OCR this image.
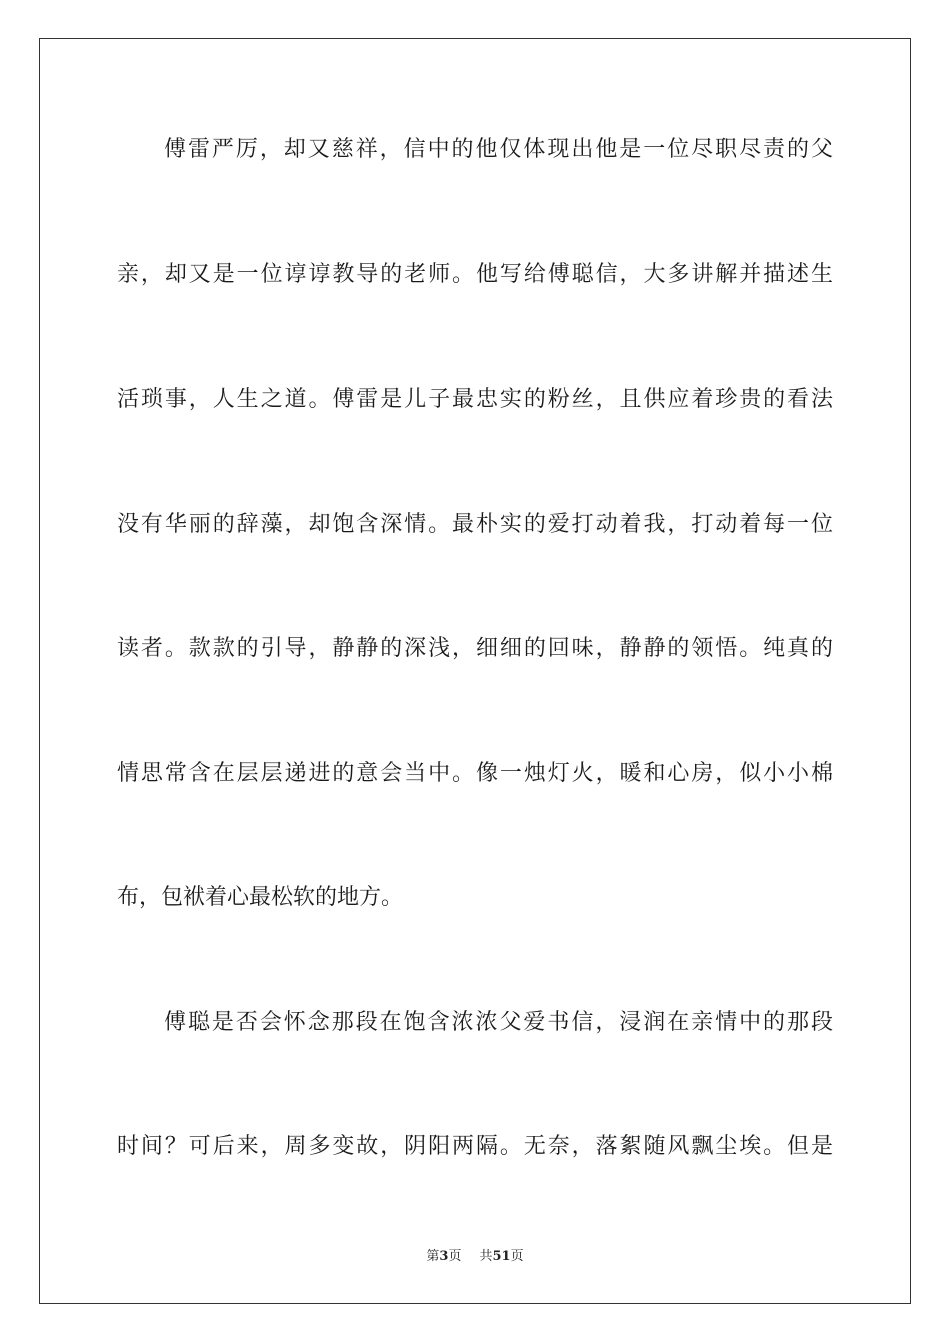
傅雷严厉，却又慈祥，信中的他仅体现出他是一位尽职尽责的父
亲，却又是一位谆谆教导的老师。他写给傅聪信，大多讲解并描述生
活琐事，人生之道。傅雷是儿子最忠实的粉丝，且供应着珍贵的看法
没有华丽的辞藻，却饱含深情。最朴实的爱打动着我，打动着每一位
读者。款款的引导，静静的深浅，细细的回味，静静的领悟。纯真的
情思常含在层层递进的意会当中。像一烛灯火，暖和心房，似小小棉
布，包袱着心最松软的地方。
傅聪是否会怀念那段在饱含浓浓父爱书信，浸润在亲情中的那段
时间？可后来，周多变故，阴阳两隔。无奈，落絮随风飘尘埃。但是
第3页 共51页
